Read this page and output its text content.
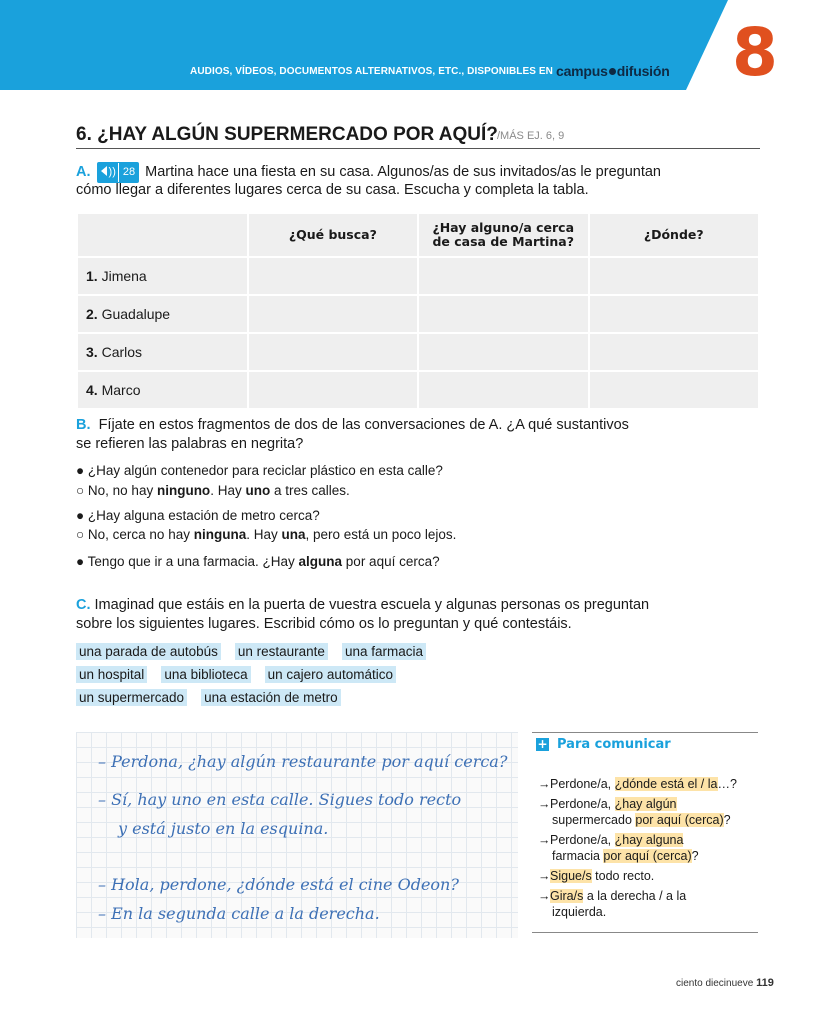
AUDIOS, VÍDEOS, DOCUMENTOS ALTERNATIVOS, ETC., DISPONIBLES EN campus difusión 8
6. ¿HAY ALGÚN SUPERMERCADO POR AQUÍ? /MÁS EJ. 6, 9
A. )) 28 Martina hace una fiesta en su casa. Algunos/as de sus invitados/as le preguntan
cómo llegar a diferentes lugares cerca de su casa. Escucha y completa la tabla.
	¿Qué busca?	¿Hay alguno/a cerca
de casa de Martina?	¿Dónde?
1. Jimena			
2. Guadalupe			
3. Carlos			
4. Marco			
B. Fíjate en estos fragmentos de dos de las conversaciones de A. ¿A qué sustantivos
se refieren las palabras en negrita?
● ¿Hay algún contenedor para reciclar plástico en esta calle?
○ No, no hay ninguno. Hay uno a tres calles.
● ¿Hay alguna estación de metro cerca?
○ No, cerca no hay ninguna. Hay una, pero está un poco lejos.
● Tengo que ir a una farmacia. ¿Hay alguna por aquí cerca?
C. Imaginad que estáis en la puerta de vuestra escuela y algunas personas os preguntan
sobre los siguientes lugares. Escribid cómo os lo preguntan y qué contestáis.
una parada de autobús un restaurante una farmacia
un hospital una biblioteca un cajero automático
un supermercado una estación de metro
– Perdona, ¿hay algún restaurante por aquí cerca?
– Sí, hay uno en esta calle. Sigues todo recto
y está justo en la esquina.
– Hola, perdone, ¿dónde está el cine Odeon?
– En la segunda calle a la derecha.
+ Para comunicar
→Perdone/a, ¿dónde está el / la…?
→Perdone/a, ¿hay algún
supermercado por aquí (cerca)?
→Perdone/a, ¿hay alguna
farmacia por aquí (cerca)?
→Sigue/s todo recto.
→Gira/s a la derecha / a la
izquierda.
ciento diecinueve 119
